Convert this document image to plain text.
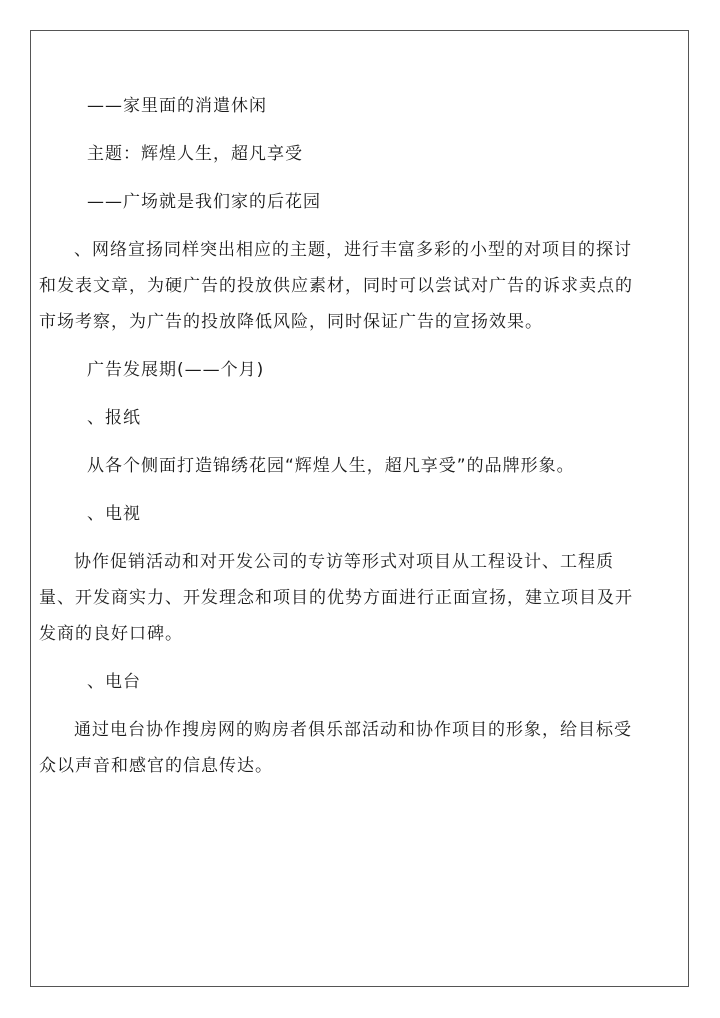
——家里面的消遣休闲

主题：辉煌人生，超凡享受

——广场就是我们家的后花园

、网络宣扬同样突出相应的主题，进行丰富多彩的小型的对项目的探讨和发表文章，为硬广告的投放供应素材，同时可以尝试对广告的诉求卖点的市场考察，为广告的投放降低风险，同时保证广告的宣扬效果。

广告发展期(——个月)

、报纸

从各个侧面打造锦绣花园“辉煌人生，超凡享受”的品牌形象。

、电视

协作促销活动和对开发公司的专访等形式对项目从工程设计、工程质量、开发商实力、开发理念和项目的优势方面进行正面宣扬，建立项目及开发商的良好口碑。

、电台

通过电台协作搜房网的购房者俱乐部活动和协作项目的形象，给目标受众以声音和感官的信息传达。
